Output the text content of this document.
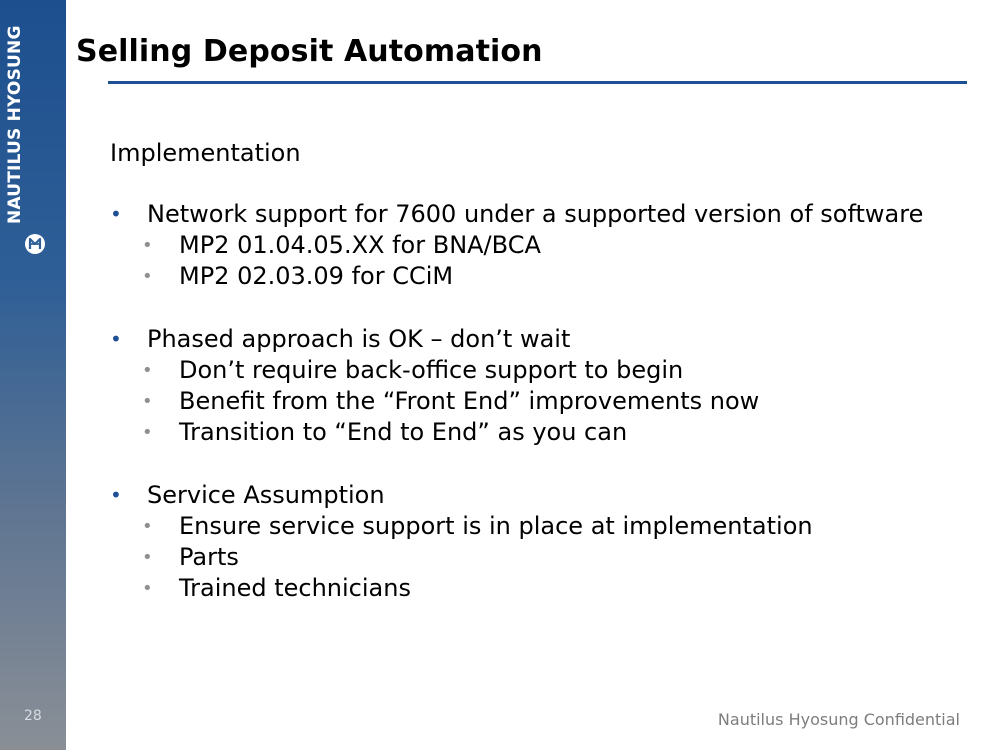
NAUTILUS HYOSUNG
28
Selling Deposit Automation
Implementation
• Network support for 7600 under a supported version of software
• MP2 01.04.05.XX for BNA/BCA
• MP2 02.03.09 for CCiM
• Phased approach is OK – don’t wait
• Don’t require back-office support to begin
• Benefit from the “Front End” improvements now
• Transition to “End to End” as you can
• Service Assumption
• Ensure service support is in place at implementation
• Parts
• Trained technicians
Nautilus Hyosung Confidential
